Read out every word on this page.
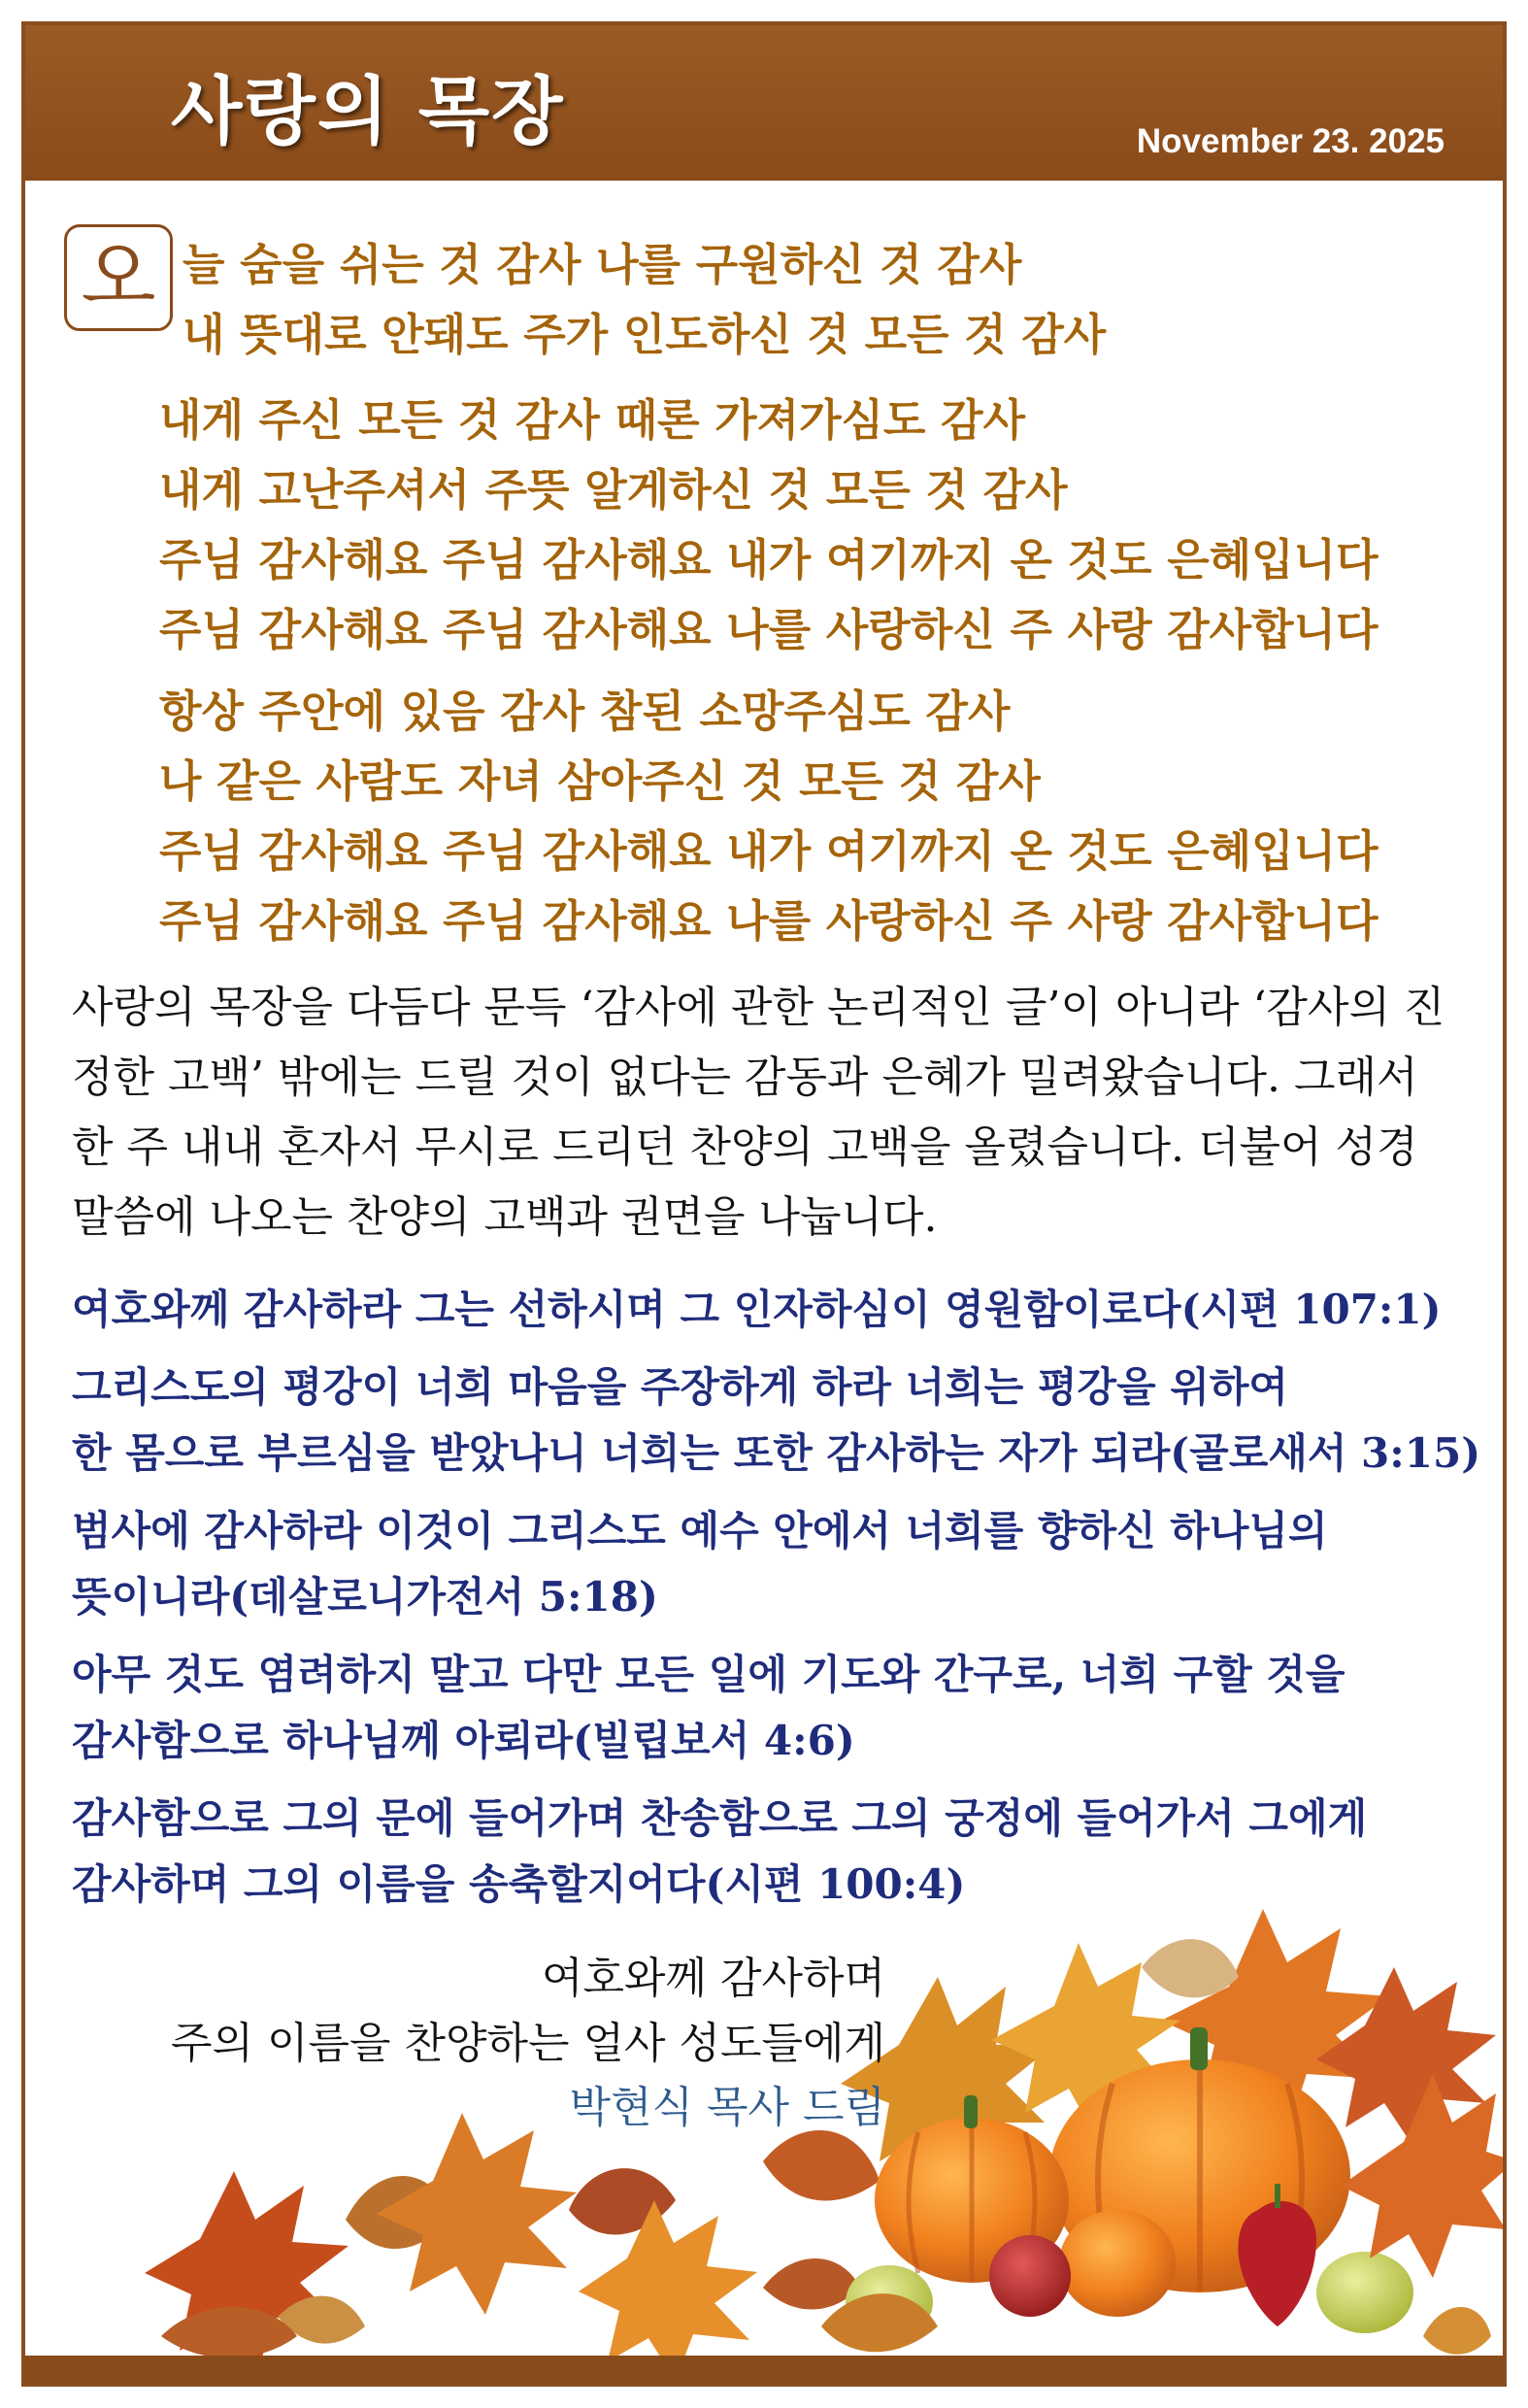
사랑의 목장	November 23. 2025
오 늘 숨을 쉬는 것 감사 나를 구원하신 것 감사
내 뜻대로 안돼도 주가 인도하신 것 모든 것 감사
내게 주신 모든 것 감사 때론 가져가심도 감사
내게 고난주셔서 주뜻 알게하신 것 모든 것 감사
주님 감사해요 주님 감사해요 내가 여기까지 온 것도 은혜입니다
주님 감사해요 주님 감사해요 나를 사랑하신 주 사랑 감사합니다
항상 주안에 있음 감사 참된 소망주심도 감사
나 같은 사람도 자녀 삼아주신 것 모든 것 감사
주님 감사해요 주님 감사해요 내가 여기까지 온 것도 은혜입니다
주님 감사해요 주님 감사해요 나를 사랑하신 주 사랑 감사합니다
사랑의 목장을 다듬다 문득 ‘감사에 관한 논리적인 글’이 아니라 ‘감사의 진
정한 고백’ 밖에는 드릴 것이 없다는 감동과 은혜가 밀려왔습니다. 그래서
한 주 내내 혼자서 무시로 드리던 찬양의 고백을 올렸습니다. 더불어 성경
말씀에 나오는 찬양의 고백과 권면을 나눕니다.
여호와께 감사하라 그는 선하시며 그 인자하심이 영원함이로다(시편 107:1)
그리스도의 평강이 너희 마음을 주장하게 하라 너희는 평강을 위하여
한 몸으로 부르심을 받았나니 너희는 또한 감사하는 자가 되라(골로새서 3:15)
범사에 감사하라 이것이 그리스도 예수 안에서 너희를 향하신 하나님의
뜻이니라(데살로니가전서 5:18)
아무 것도 염려하지 말고 다만 모든 일에 기도와 간구로, 너희 구할 것을
감사함으로 하나님께 아뢰라(빌립보서 4:6)
감사함으로 그의 문에 들어가며 찬송함으로 그의 궁정에 들어가서 그에게
감사하며 그의 이름을 송축할지어다(시편 100:4)
여호와께 감사하며
주의 이름을 찬양하는 얼사 성도들에게
박현식 목사 드림
